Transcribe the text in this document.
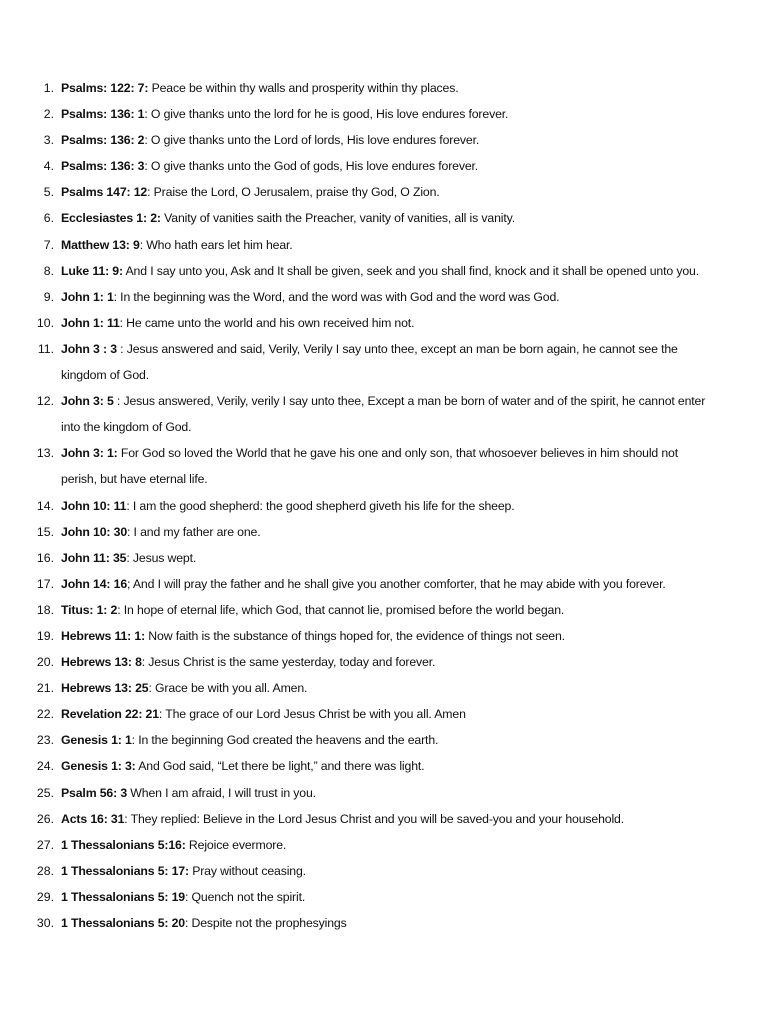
1. Psalms: 122: 7: Peace be within thy walls and prosperity within thy places.
2. Psalms: 136: 1: O give thanks unto the lord for he is good, His love endures forever.
3. Psalms: 136: 2: O give thanks unto the Lord of lords, His love endures forever.
4. Psalms: 136: 3: O give thanks unto the God of gods, His love endures forever.
5. Psalms 147: 12: Praise the Lord, O Jerusalem, praise thy God, O Zion.
6. Ecclesiastes 1: 2: Vanity of vanities saith the Preacher, vanity of vanities, all is vanity.
7. Matthew 13: 9: Who hath ears let him hear.
8. Luke 11: 9: And I say unto you, Ask and It shall be given, seek and you shall find, knock and it shall be opened unto you.
9. John 1: 1: In the beginning was the Word, and the word was with God and the word was God.
10. John 1: 11: He came unto the world and his own received him not.
11. John 3 : 3 : Jesus answered and said, Verily, Verily I say unto thee, except an man be born again, he cannot see the kingdom of God.
12. John 3: 5 : Jesus answered, Verily, verily I say unto thee, Except a man be born of water and of the spirit, he cannot enter into the kingdom of God.
13. John 3: 1: For God so loved the World that he gave his one and only son, that whosoever believes in him should not perish, but have eternal life.
14. John 10: 11: I am the good shepherd: the good shepherd giveth his life for the sheep.
15. John 10: 30: I and my father are one.
16. John 11: 35: Jesus wept.
17. John 14: 16; And I will pray the father and he shall give you another comforter, that he may abide with you forever.
18. Titus: 1: 2: In hope of eternal life, which God, that cannot lie, promised before the world began.
19. Hebrews 11: 1: Now faith is the substance of things hoped for, the evidence of things not seen.
20. Hebrews 13: 8: Jesus Christ is the same yesterday, today and forever.
21. Hebrews 13: 25: Grace be with you all. Amen.
22. Revelation 22: 21: The grace of our Lord Jesus Christ be with you all. Amen
23. Genesis 1: 1: In the beginning God created the heavens and the earth.
24. Genesis 1: 3: And God said, “Let there be light,” and there was light.
25. Psalm 56: 3 When I am afraid, I will trust in you.
26. Acts 16: 31: They replied: Believe in the Lord Jesus Christ and you will be saved-you and your household.
27. 1 Thessalonians 5:16: Rejoice evermore.
28. 1 Thessalonians 5: 17: Pray without ceasing.
29. 1 Thessalonians 5: 19: Quench not the spirit.
30. 1 Thessalonians 5: 20: Despite not the prophesyings
